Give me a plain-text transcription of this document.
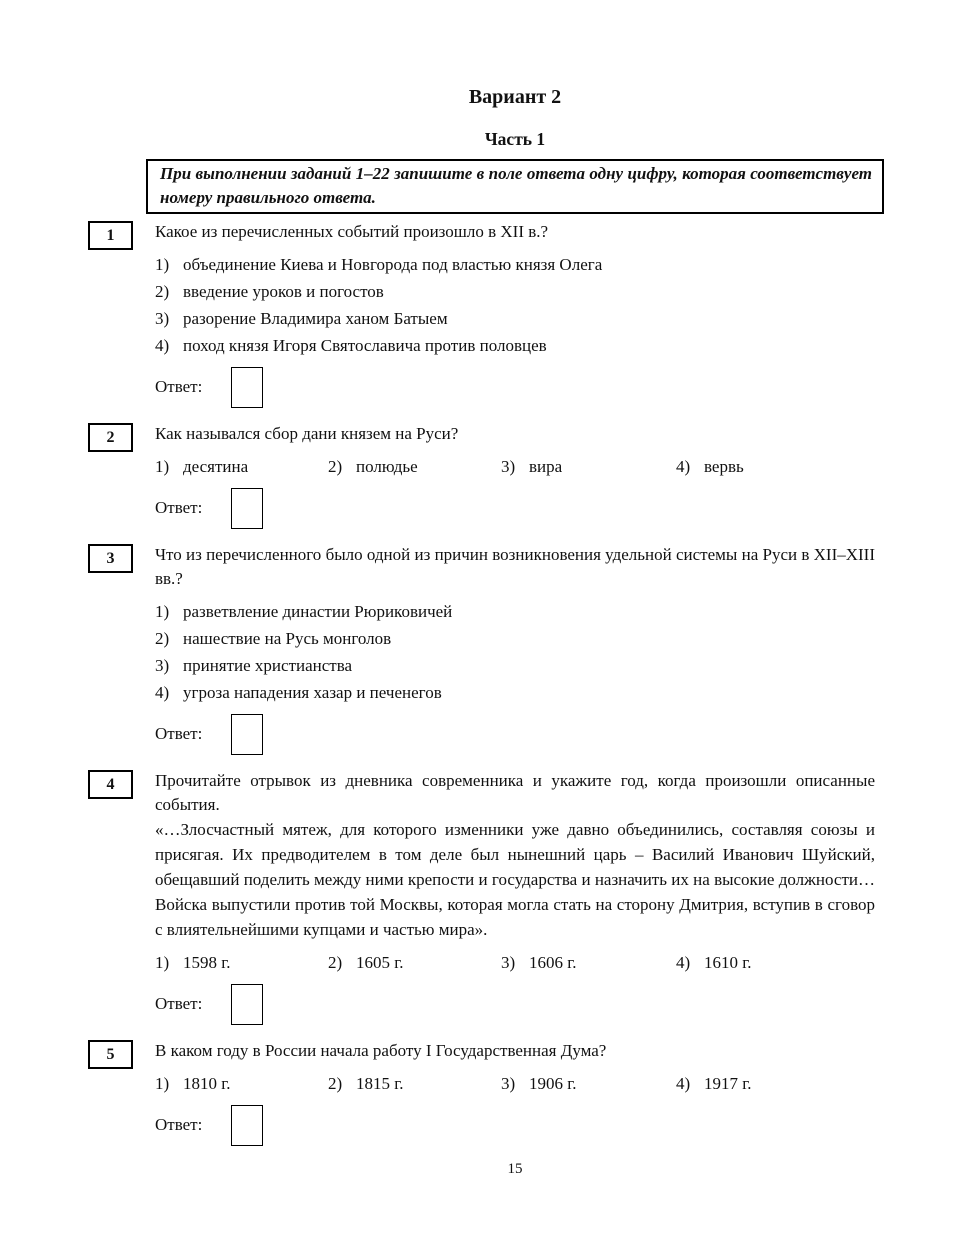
Вариант 2
Часть 1
При выполнении заданий 1–22 запишите в поле ответа одну цифру, которая соответствует номеру правильного ответа.
1	Какое из перечисленных событий произошло в XII в.?

1) объединение Киева и Новгорода под властью князя Олега
2) введение уроков и погостов
3) разорение Владимира ханом Батыем
4) поход князя Игоря Святославича против половцев
Ответ:
2	Как назывался сбор дани князем на Руси?

1) десятина	2) полюдье	3) вира	4) вервь
Ответ:
3	Что из перечисленного было одной из причин возникновения удельной системы на Руси в XII–XIII вв.?

1) разветвление династии Рюриковичей
2) нашествие на Русь монголов
3) принятие христианства
4) угроза нападения хазар и печенегов
Ответ:
4	Прочитайте отрывок из дневника современника и укажите год, когда произошли описанные события.

«…Злосчастный мятеж, для которого изменники уже давно объединились, составляя союзы и присягая. Их предводителем в том деле был нынешний царь – Василий Иванович Шуйский, обещавший поделить между ними крепости и государства и назначить их на высокие должности… Войска выпустили против той Москвы, которая могла стать на сторону Дмитрия, вступив в сговор с влиятельнейшими купцами и частью мира».

1) 1598 г.	2) 1605 г.	3) 1606 г.	4) 1610 г.
Ответ:
5	В каком году в России начала работу I Государственная Дума?

1) 1810 г.	2) 1815 г.	3) 1906 г.	4) 1917 г.
Ответ:
15
